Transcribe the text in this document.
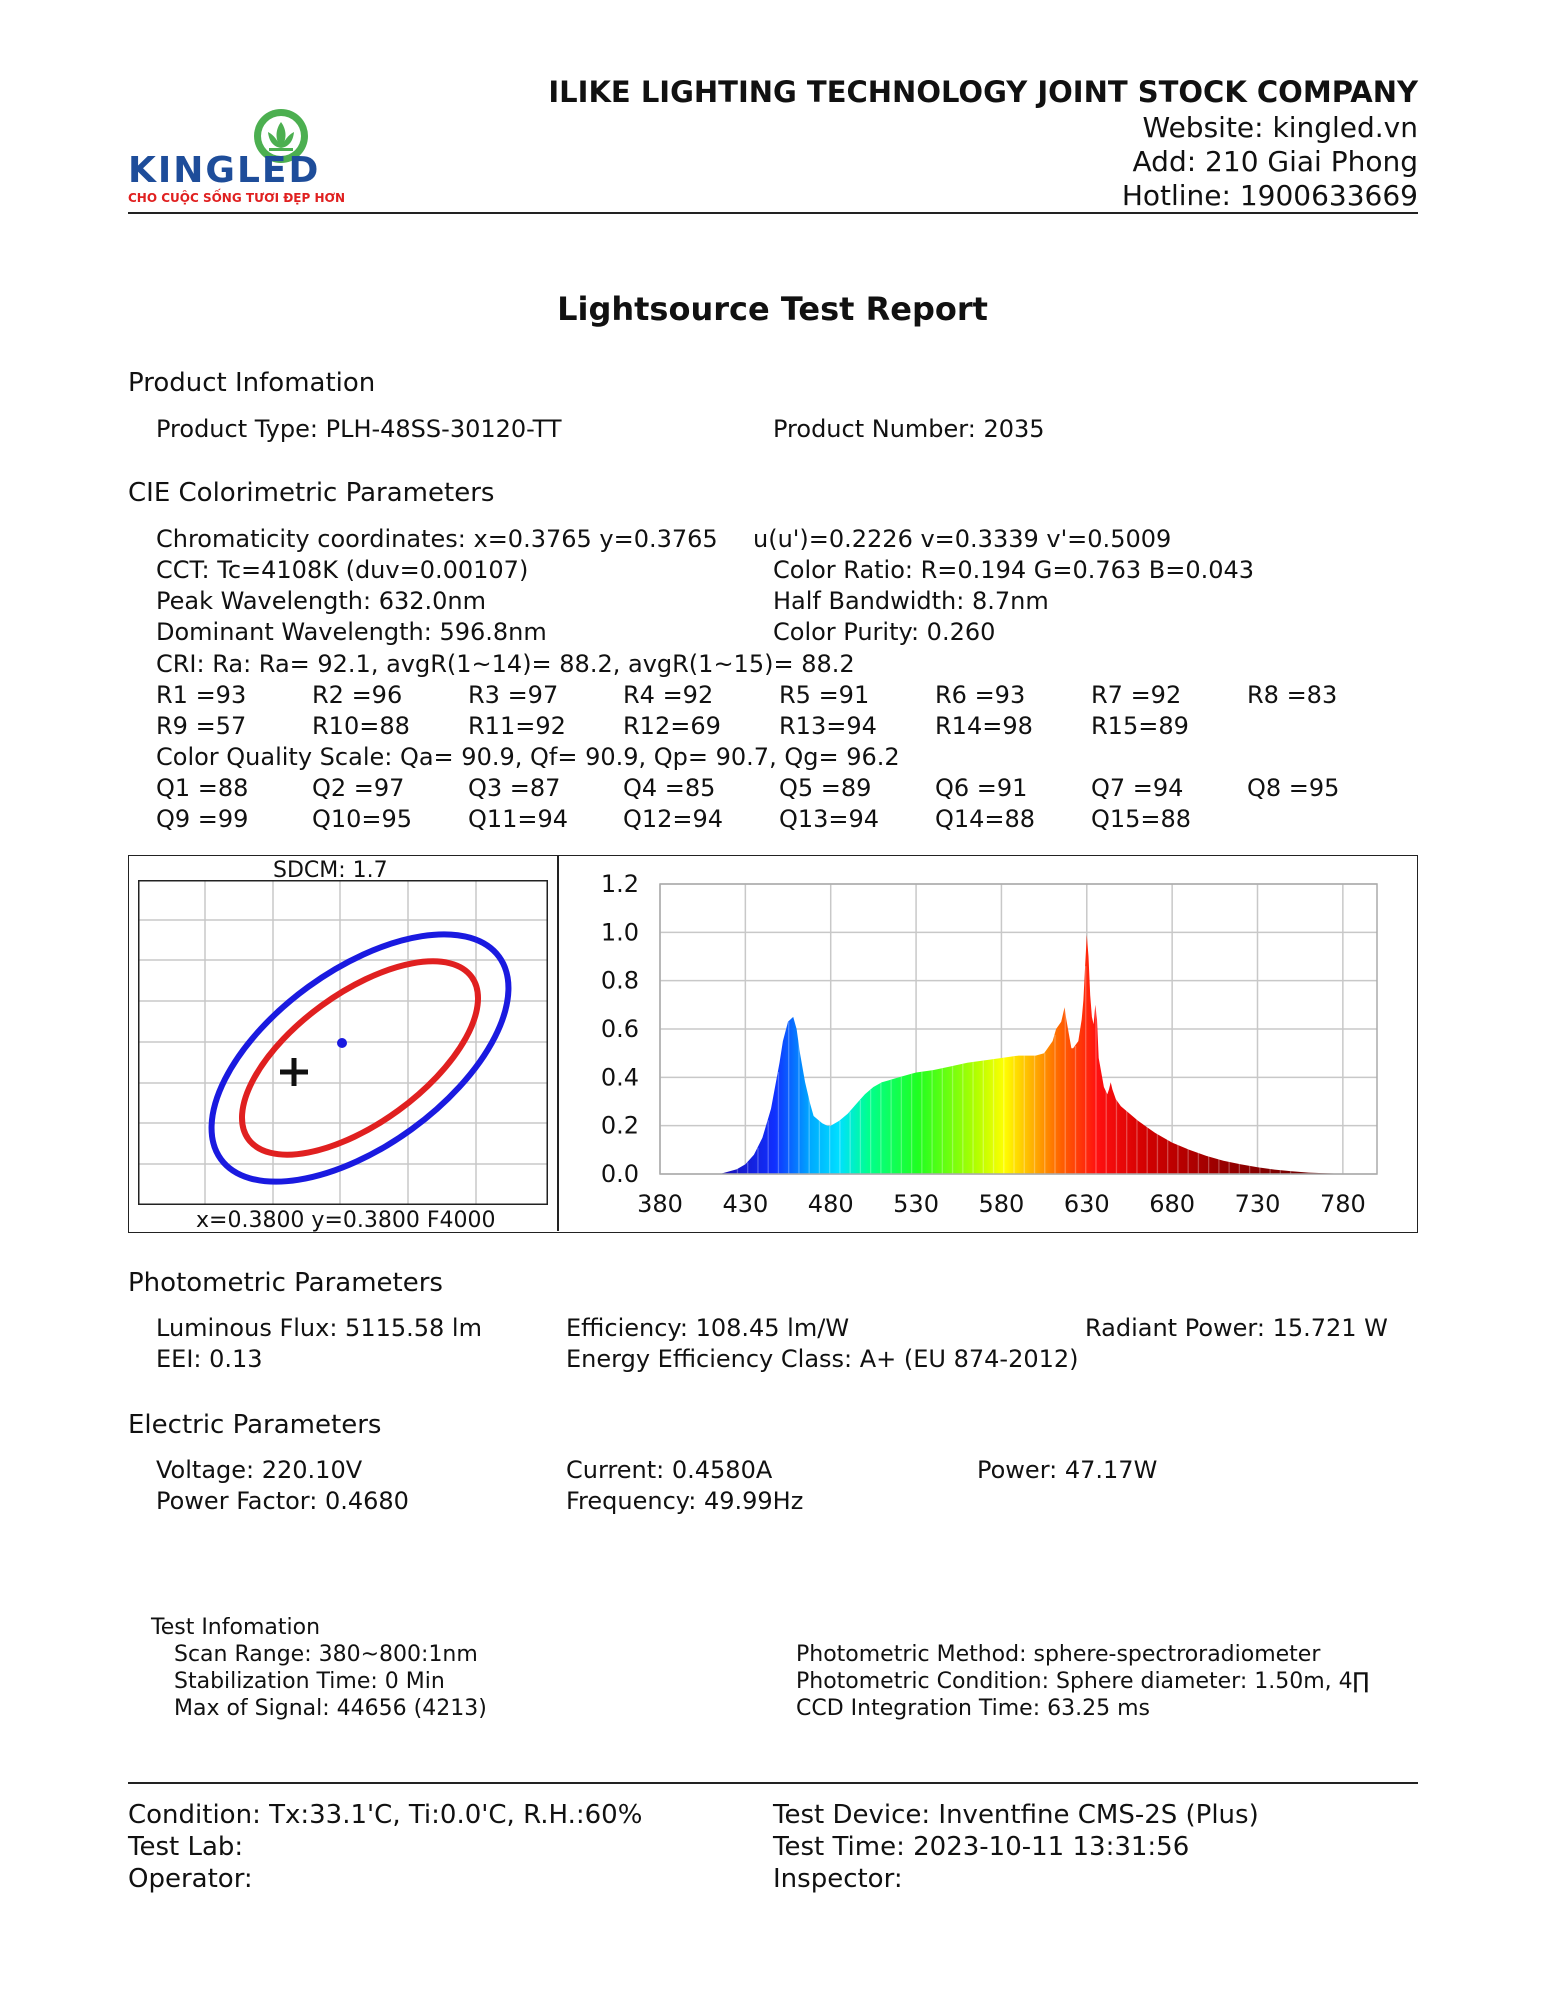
KINGLED
CHO CUỘC SỐNG TƯƠI ĐẸP HƠN
ILIKE LIGHTING TECHNOLOGY JOINT STOCK COMPANY
Website: kingled.vn
Add: 210 Giai Phong
Hotline: 1900633669
Lightsource Test Report
Product Infomation
Product Type: PLH-48SS-30120-TT	Product Number: 2035
CIE Colorimetric Parameters
Chromaticity coordinates: x=0.3765 y=0.3765 u(u')=0.2226 v=0.3339 v'=0.5009
CCT: Tc=4108K (duv=0.00107)	Color Ratio: R=0.194 G=0.763 B=0.043
Peak Wavelength: 632.0nm	Half Bandwidth: 8.7nm
Dominant Wavelength: 596.8nm	Color Purity: 0.260
CRI: Ra: Ra= 92.1, avgR(1~14)= 88.2, avgR(1~15)= 88.2
R1 =93	R2 =96	R3 =97	R4 =92	R5 =91	R6 =93	R7 =92	R8 =83
R9 =57	R10=88 R11=92 R12=69 R13=94 R14=98 R15=89
Color Quality Scale: Qa= 90.9, Qf= 90.9, Qp= 90.7, Qg= 96.2
Q1 =88	Q2 =97	Q3 =87	Q4 =85	Q5 =89	Q6 =91	Q7 =94	Q8 =95
Q9 =99	Q10=95 Q11=94 Q12=94 Q13=94 Q14=88 Q15=88
SDCM: 1.7
x=0.3800 y=0.3800 F4000
1.2
1.0
0.8
0.6
0.4
0.2
0.0
380 430 480 530 580 630 680 730 780
Photometric Parameters
Luminous Flux: 5115.58 lm	Efficiency: 108.45 lm/W	Radiant Power: 15.721 W
EEI: 0.13	Energy Efficiency Class: A+ (EU 874-2012)
Electric Parameters
Voltage: 220.10V	Current: 0.4580A	Power: 47.17W
Power Factor: 0.4680	Frequency: 49.99Hz
Test Infomation
Scan Range: 380~800:1nm
Stabilization Time: 0 Min
Max of Signal: 44656 (4213)
Photometric Method: sphere-spectroradiometer
Photometric Condition: Sphere diameter: 1.50m, 4∏
CCD Integration Time: 63.25 ms
Condition: Tx:33.1'C, Ti:0.0'C, R.H.:60%	Test Device: Inventfine CMS-2S (Plus)
Test Lab:	Test Time: 2023-10-11 13:31:56
Operator:	Inspector:
